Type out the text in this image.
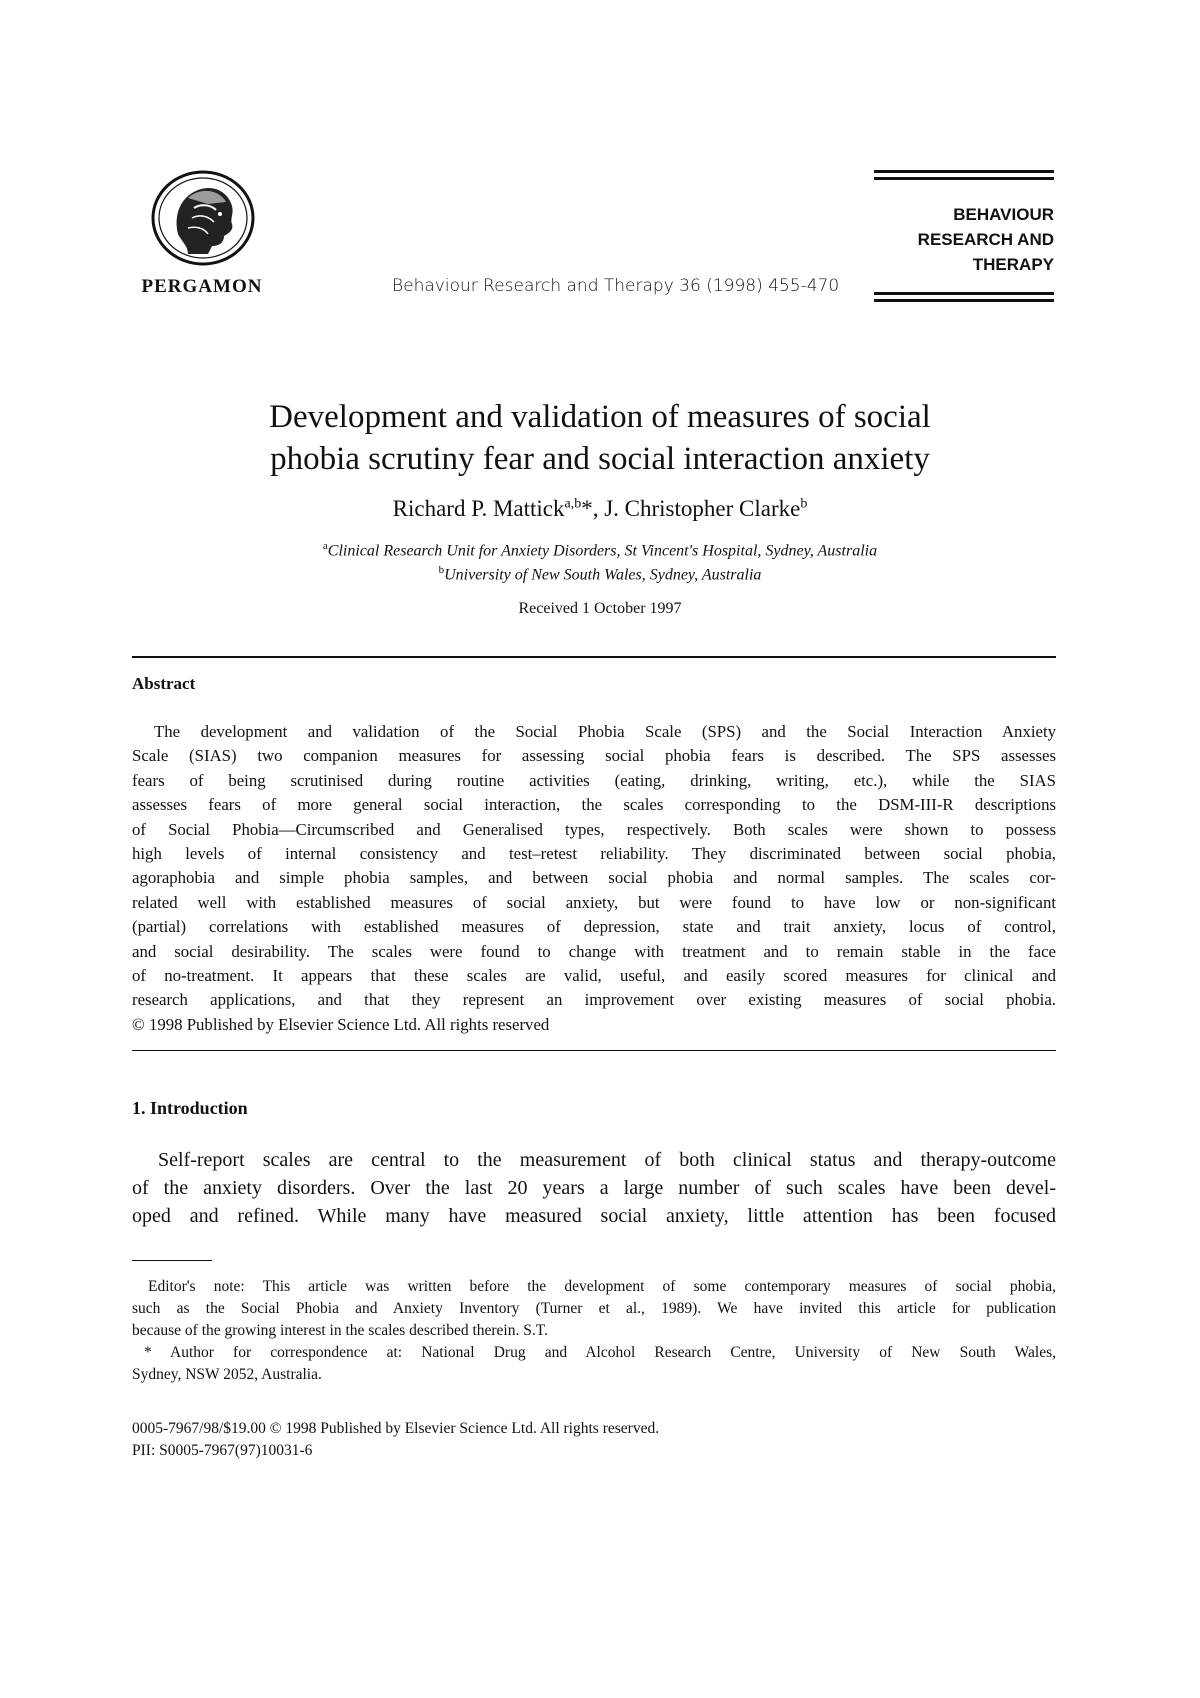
PERGAMON	Behaviour Research and Therapy 36 (1998) 455-470
BEHAVIOUR
RESEARCH AND
THERAPY
Development and validation of measures of social
phobia scrutiny fear and social interaction anxiety
Richard P. Mattick$^{a,b}$*, J. Christopher Clarke$^b$
$^a$Clinical Research Unit for Anxiety Disorders, St Vincent's Hospital, Sydney, Australia
$^b$University of New South Wales, Sydney, Australia
Received 1 October 1997
Abstract
The development and validation of the Social Phobia Scale (SPS) and the Social Interaction Anxiety
Scale (SIAS) two companion measures for assessing social phobia fears is described. The SPS assesses
fears of being scrutinised during routine activities (eating, drinking, writing, etc.), while the SIAS
assesses fears of more general social interaction, the scales corresponding to the DSM-III-R descriptions
of Social Phobia—Circumscribed and Generalised types, respectively. Both scales were shown to possess
high levels of internal consistency and test–retest reliability. They discriminated between social phobia,
agoraphobia and simple phobia samples, and between social phobia and normal samples. The scales cor-
related well with established measures of social anxiety, but were found to have low or non-significant
(partial) correlations with established measures of depression, state and trait anxiety, locus of control,
and social desirability. The scales were found to change with treatment and to remain stable in the face
of no-treatment. It appears that these scales are valid, useful, and easily scored measures for clinical and
research applications, and that they represent an improvement over existing measures of social phobia.
© 1998 Published by Elsevier Science Ltd. All rights reserved
1. Introduction
Self-report scales are central to the measurement of both clinical status and therapy-outcome
of the anxiety disorders. Over the last 20 years a large number of such scales have been devel-
oped and refined. While many have measured social anxiety, little attention has been focused
Editor's note: This article was written before the development of some contemporary measures of social phobia,
such as the Social Phobia and Anxiety Inventory (Turner et al., 1989). We have invited this article for publication
because of the growing interest in the scales described therein. S.T.
* Author for correspondence at: National Drug and Alcohol Research Centre, University of New South Wales,
Sydney, NSW 2052, Australia.
0005-7967/98/$19.00 © 1998 Published by Elsevier Science Ltd. All rights reserved.
PII: S0005-7967(97)10031-6
